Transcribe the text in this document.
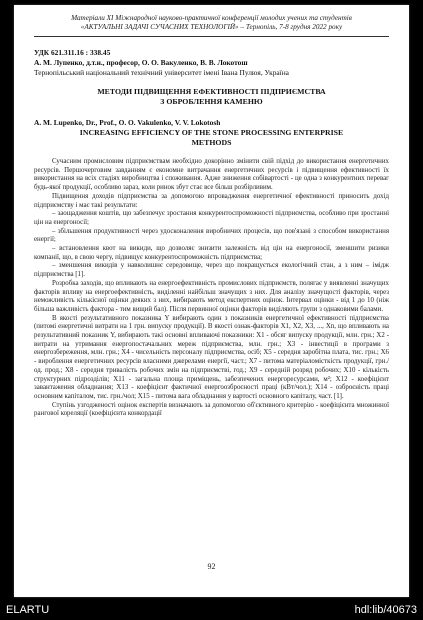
Матеріали XI Міжнародної науково-практичної конференції молодих учених та студентів
«АКТУАЛЬНІ ЗАДАЧІ СУЧАСНИХ ТЕХНОЛОГІЙ» – Тернопіль, 7-8 грудня 2022 року
УДК 621.311.16 : 338.45
А. М. Лупенко, д.т.н., професор, О. О. Вакуленко, В. В. Локотош
Тернопільський національний технічний університет імені Івана Пулюя, Україна
МЕТОДИ ПІДВИЩЕННЯ ЕФЕКТИВНОСТІ ПІДПРИЄМСТВА
З ОБРОБЛЕННЯ КАМЕНЮ
A. M. Lupenko, Dr., Prof., O. O. Vakulenko, V. V. Lokotosh
INCREASING EFFICIENCY OF THE STONE PROCESSING ENTERPRISE
METHODS

Сучасним промисловим підприємствам необхідно докорінно змінити свій підхід до використання енергетичних ресурсів. Першочерговим завданням є економне витрачання енергетичних ресурсів і підвищення ефективності їх використання на всіх стадіях виробництва і споживання. Адже зниження собівартості - це одна з конкурентних переваг будь-якої продукції, особливо зараз, коли ринок збут стає все більш розбірливим.

Підвищення доходів підприємства за допомогою впровадження енергетичної ефективності приносить дохід підприємству і має такі результати:

– заощадження коштів, що забезпечує зростання конкурентоспроможності підприємства, особливо при зростанні цін на енергоносії;

– збільшення продуктивності через удосконалення виробничих процесів, що пов'язані з способом використання енергії;

– встановлення квот на викиди, що дозволяє знизити залежність від цін на енергоносії, зменшити ризики компанії, що, в свою чергу, підвищує конкурентоспроможність підприємства;

– зменшення викидів у навколишнє середовище, через що покращується екологічний стан, а з ним – імідж підприємства [1].

Розробка заходів, що впливають на енергоефективність промислових підприємств, полягає у виявленні значущих факторів впливу на енергоефективність, виділенні найбільш значущих з них. Для аналізу значущості факторів, через неможливість кількісної оцінки деяких з них, вибирають метод експертних оцінок. Інтервал оцінки - від 1 до 10 (ніж більша важливість фактора - тим вищий бал). Після первинної оцінки факторів виділяють групи з однаковими балами.

В якості результативного показника Y вибирають один з показників енергетичної ефективності підприємства (питомі енергетичні витрати на 1 грн. випуску продукції). В якості ознак-факторів X1, X2, X3, ..., Xn, що впливають на результативний показник Y, вибирають такі основні впливаючі показники: X1 - обсяг випуску продукції, млн. грн.; X2 - витрати на утримання енергопостачальних мереж підприємства, млн. грн.; X3 - інвестиції в програми з енергозбереження, млн. грн.; X4 - чисельність персоналу підприємства, осіб; X5 - середня заробітна плата, тис. грн.; X6 - вироблення енергетичних ресурсів власними джерелами енергії, част.; X7 - питома матеріаломісткість продукції, грн./од. прод.; X8 - середня тривалість робочих змін на підприємстві, год.; X9 - середній розряд робочих; X10 - кількість структурних підрозділів; X11 - загальна площа приміщень, забезпечених енергоресурсами, м²; X12 - коефіцієнт завантаження обладнання; X13 - коефіцієнт фактичної енергоозброєності праці (кВт/чол.); X14 - озброєність праці основним капіталом, тис. грн./чол; X15 - питома вага обладнання у вартості основного капіталу, част. [1].

Ступінь узгодженості оцінок експертів визначають за допомогою об'єктивного критерію - коефіцієнта множинної рангової кореляції (коефіцієнта конкордації

92
ELARTU	hdl:lib/40673
